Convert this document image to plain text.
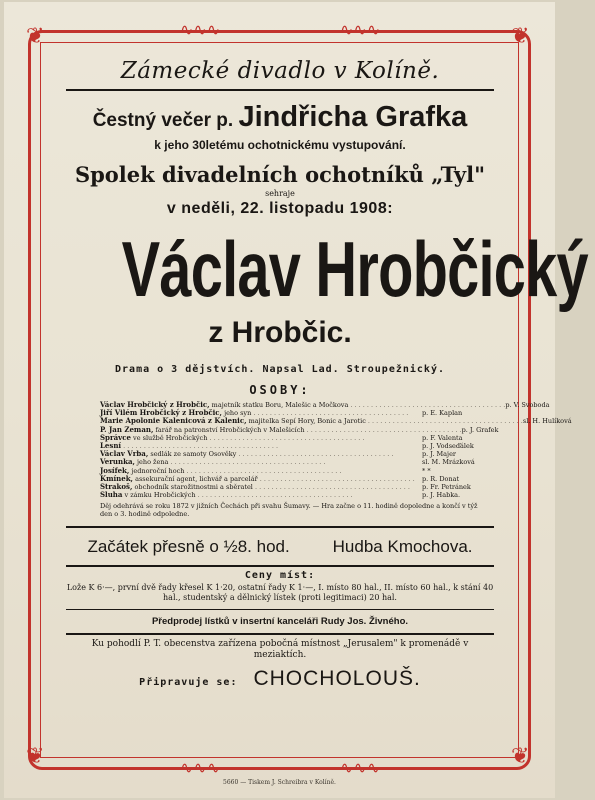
❦	❦
❦	❦
∿∿∿	∿∿∿
∿∿∿	∿∿∿
Zámecké divadlo v Kolíně.
Čestný večer p. Jindřicha Grafka
k jeho 30letému ochotnickému vystupování.
Spolek divadelních ochotníků „Tyl"
sehraje
v neděli, 22. listopadu 1908:
Václav Hrobčický
z Hrobčic.
Drama o 3 dějstvích. Napsal Lad. Stroupežnický.
OSOBY:
Václav Hrobčický z Hrobčic, majetník statku Boru, Malešic a Močkova . . . . . . . . . . . . . . . . . . . . . . . . . . . . . . . . . . . . . . p. V. Svoboda
Jiří Vilém Hrobčický z Hrobčic, jeho syn . . . . . . . . . . . . . . . . . . . . . . . . . . . . . . . . . . . . . .	p. E. Kaplan
Marie Apolonie Kalenicová z Kalenic, majitelka Sepí Hory, Bonic a Jarotic . . . . . . . . . . . . . . . . . . . . . . . . . . . . . . . . . . . . . . sl. H. Hulíková
P. Jan Zeman, farář na patronství Hrobčických v Malešicích . . . . . . . . . . . . . . . . . . . . . . . . . . . . . . . . . . . . . . p. J. Grafek
Správce ve službě Hrobčických . . . . . . . . . . . . . . . . . . . . . . . . . . . . . . . . . . . . . .	p. F. Valenta
Lesní . . . . . . . . . . . . . . . . . . . . . . . . . . . . . . . . . . . . . .	p. J. Vodseďálek
Václav Vrba, sedlák ze samoty Osověky . . . . . . . . . . . . . . . . . . . . . . . . . . . . . . . . . . . . . .	p. J. Majer
Verunka, jeho žena . . . . . . . . . . . . . . . . . . . . . . . . . . . . . . . . . . . . . .	sl. M. Mrázková
Josífek, jednoroční hoch . . . . . . . . . . . . . . . . . . . . . . . . . . . . . . . . . . . . . .	* *
Kmínek, assekurační agent, lichvář a parcelář . . . . . . . . . . . . . . . . . . . . . . . . . . . . . . . . . . . . . .	p. R. Donat
Strakoš, obchodník starožitnostmi a sběratel . . . . . . . . . . . . . . . . . . . . . . . . . . . . . . . . . . . . . .	p. Fr. Petránek
Sluha v zámku Hrobčických . . . . . . . . . . . . . . . . . . . . . . . . . . . . . . . . . . . . . .	p. J. Habka.
Děj odehrává se roku 1872 v jižních Čechách při svahu Šumavy. — Hra začne o 11. hodině dopoledne a končí v týž den o 3. hodině odpoledne.
Začátek přesně o ½8. hod.	Hudba Kmochova.
Ceny míst:
Lože K 6·—, první dvě řady křesel K 1·20, ostatní řady K 1·—, I. místo 80 hal., II. místo 60 hal., k stání 40 hal., studentský a dělnický lístek (proti legitimaci) 20 hal.
Předprodej lístků v insertní kanceláři Rudy Jos. Živného.
Ku pohodlí P. T. obecenstva zařízena pobočná místnost „Jerusalem" k promenádě v meziaktích.
Připravuje se: CHOCHOLOUŠ.
5660 — Tiskem J. Schreibra v Kolíně.
